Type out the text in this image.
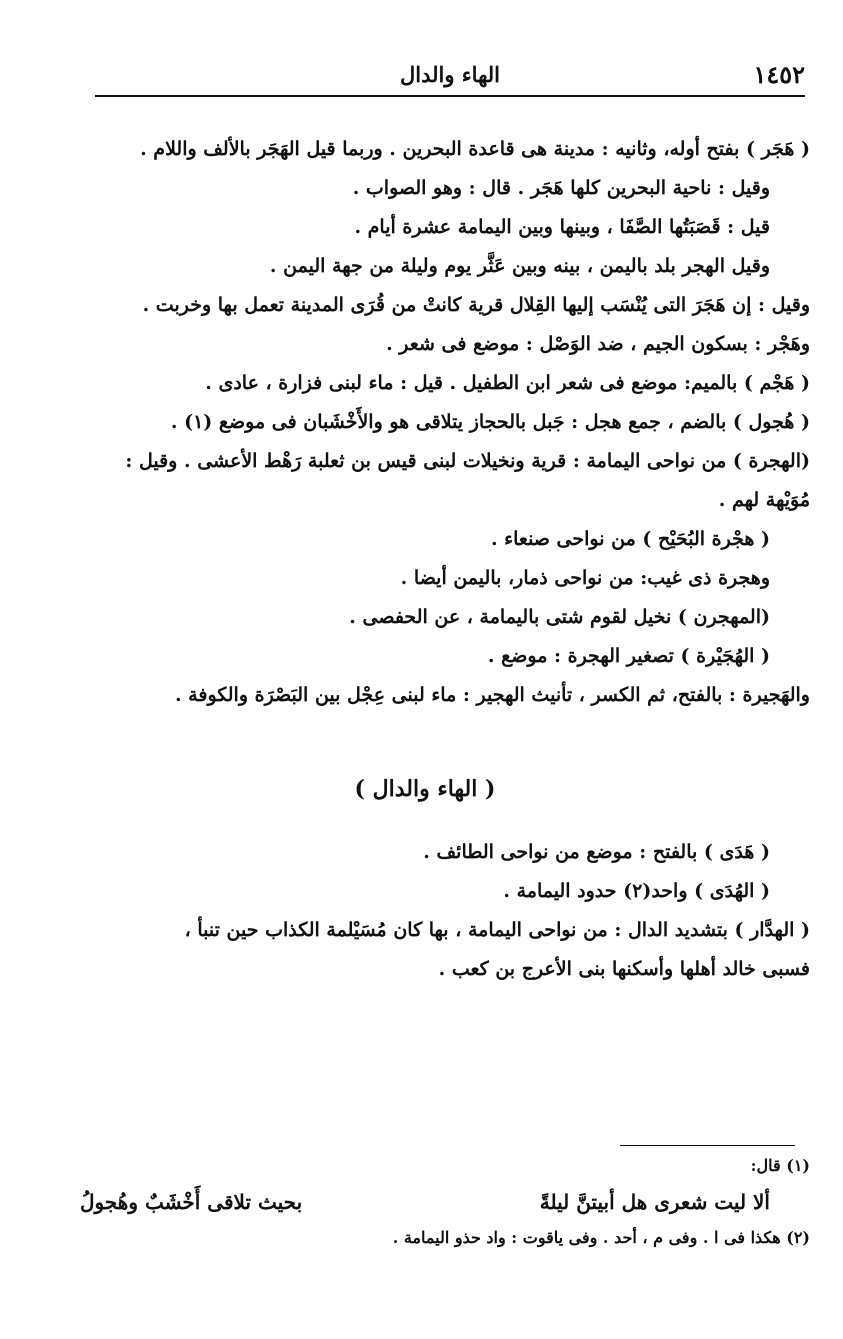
١٤٥٢
الهاء والدال
( هَجَر ) بفتح أوله، وثانيه : مدينة هى قاعدة البحرين . وربما قيل الهَجَر بالألف واللام .
وقيل : ناحية البحرين كلها هَجَر . قال : وهو الصواب .
قيل : قَصَبَتُها الصَّفَا ، وبينها وبين اليمامة عشرة أيام .
وقيل الهجر بلد باليمن ، بينه وبين عَثَّر يوم وليلة من جهة اليمن .
وقيل : إن هَجَرَ التى يُنْسَب إليها القِلال قرية كانتْ من قُرَى المدينة تعمل بها وخربت .
وهَجْر : بسكون الجيم ، ضد الوَصْل : موضع فى شعر .
( هَجْم ) بالميم: موضع فى شعر ابن الطفيل . قيل : ماء لبنى فزارة ، عادى .
( هُجول ) بالضم ، جمع هجل : جَبل بالحجاز يتلاقى هو والأَخْشَبان فى موضع (١) .
(الهجرة ) من نواحى اليمامة : قرية ونخيلات لبنى قيس بن ثعلبة رَهْط الأعشى . وقيل :
مُوَيْهة لهم .
( هجْرة البُحَيْح ) من نواحى صنعاء .
وهجرة ذى غيب: من نواحى ذمار، باليمن أيضا .
(المهجرن ) نخيل لقوم شتى باليمامة ، عن الحفصى .
( الهُجَيْرة ) تصغير الهجرة : موضع .
والهَجيرة : بالفتح، ثم الكسر ، تأنيث الهجير : ماء لبنى عِجْل بين البَصْرَة والكوفة .
( الهاء والدال )
( هَدَى ) بالفتح : موضع من نواحى الطائف .
( الهُدَى ) واحد(٢) حدود اليمامة .
( الهدَّار ) بتشديد الدال : من نواحى اليمامة ، بها كان مُسَيْلمة الكذاب حين تنبأ ،
فسبى خالد أهلها وأسكنها بنى الأعرج بن كعب .
(١) قال:
ألا ليت شعرى هل أبيتنَّ ليلةً
بحيث تلاقى أَخْشَبٌ وهُجولُ
(٢) هكذا فى ا . وفى م ، أحد . وفى ياقوت : واد حذو اليمامة .
